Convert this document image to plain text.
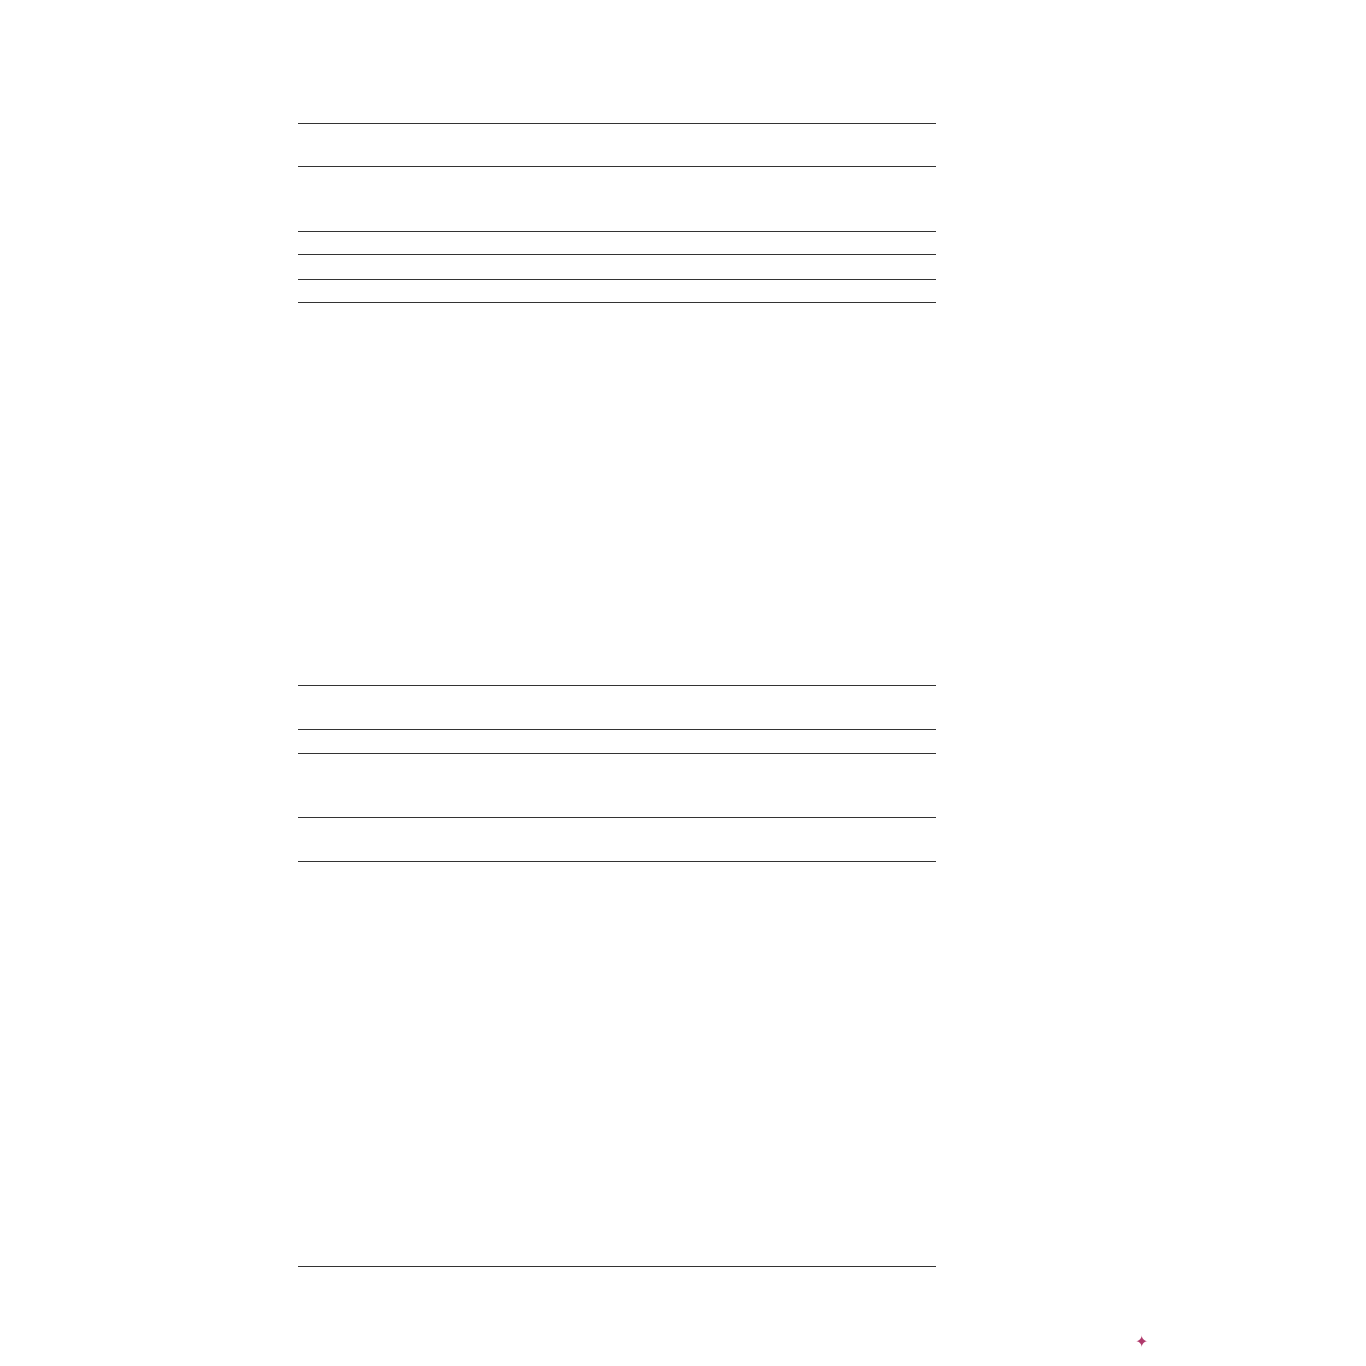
✦
